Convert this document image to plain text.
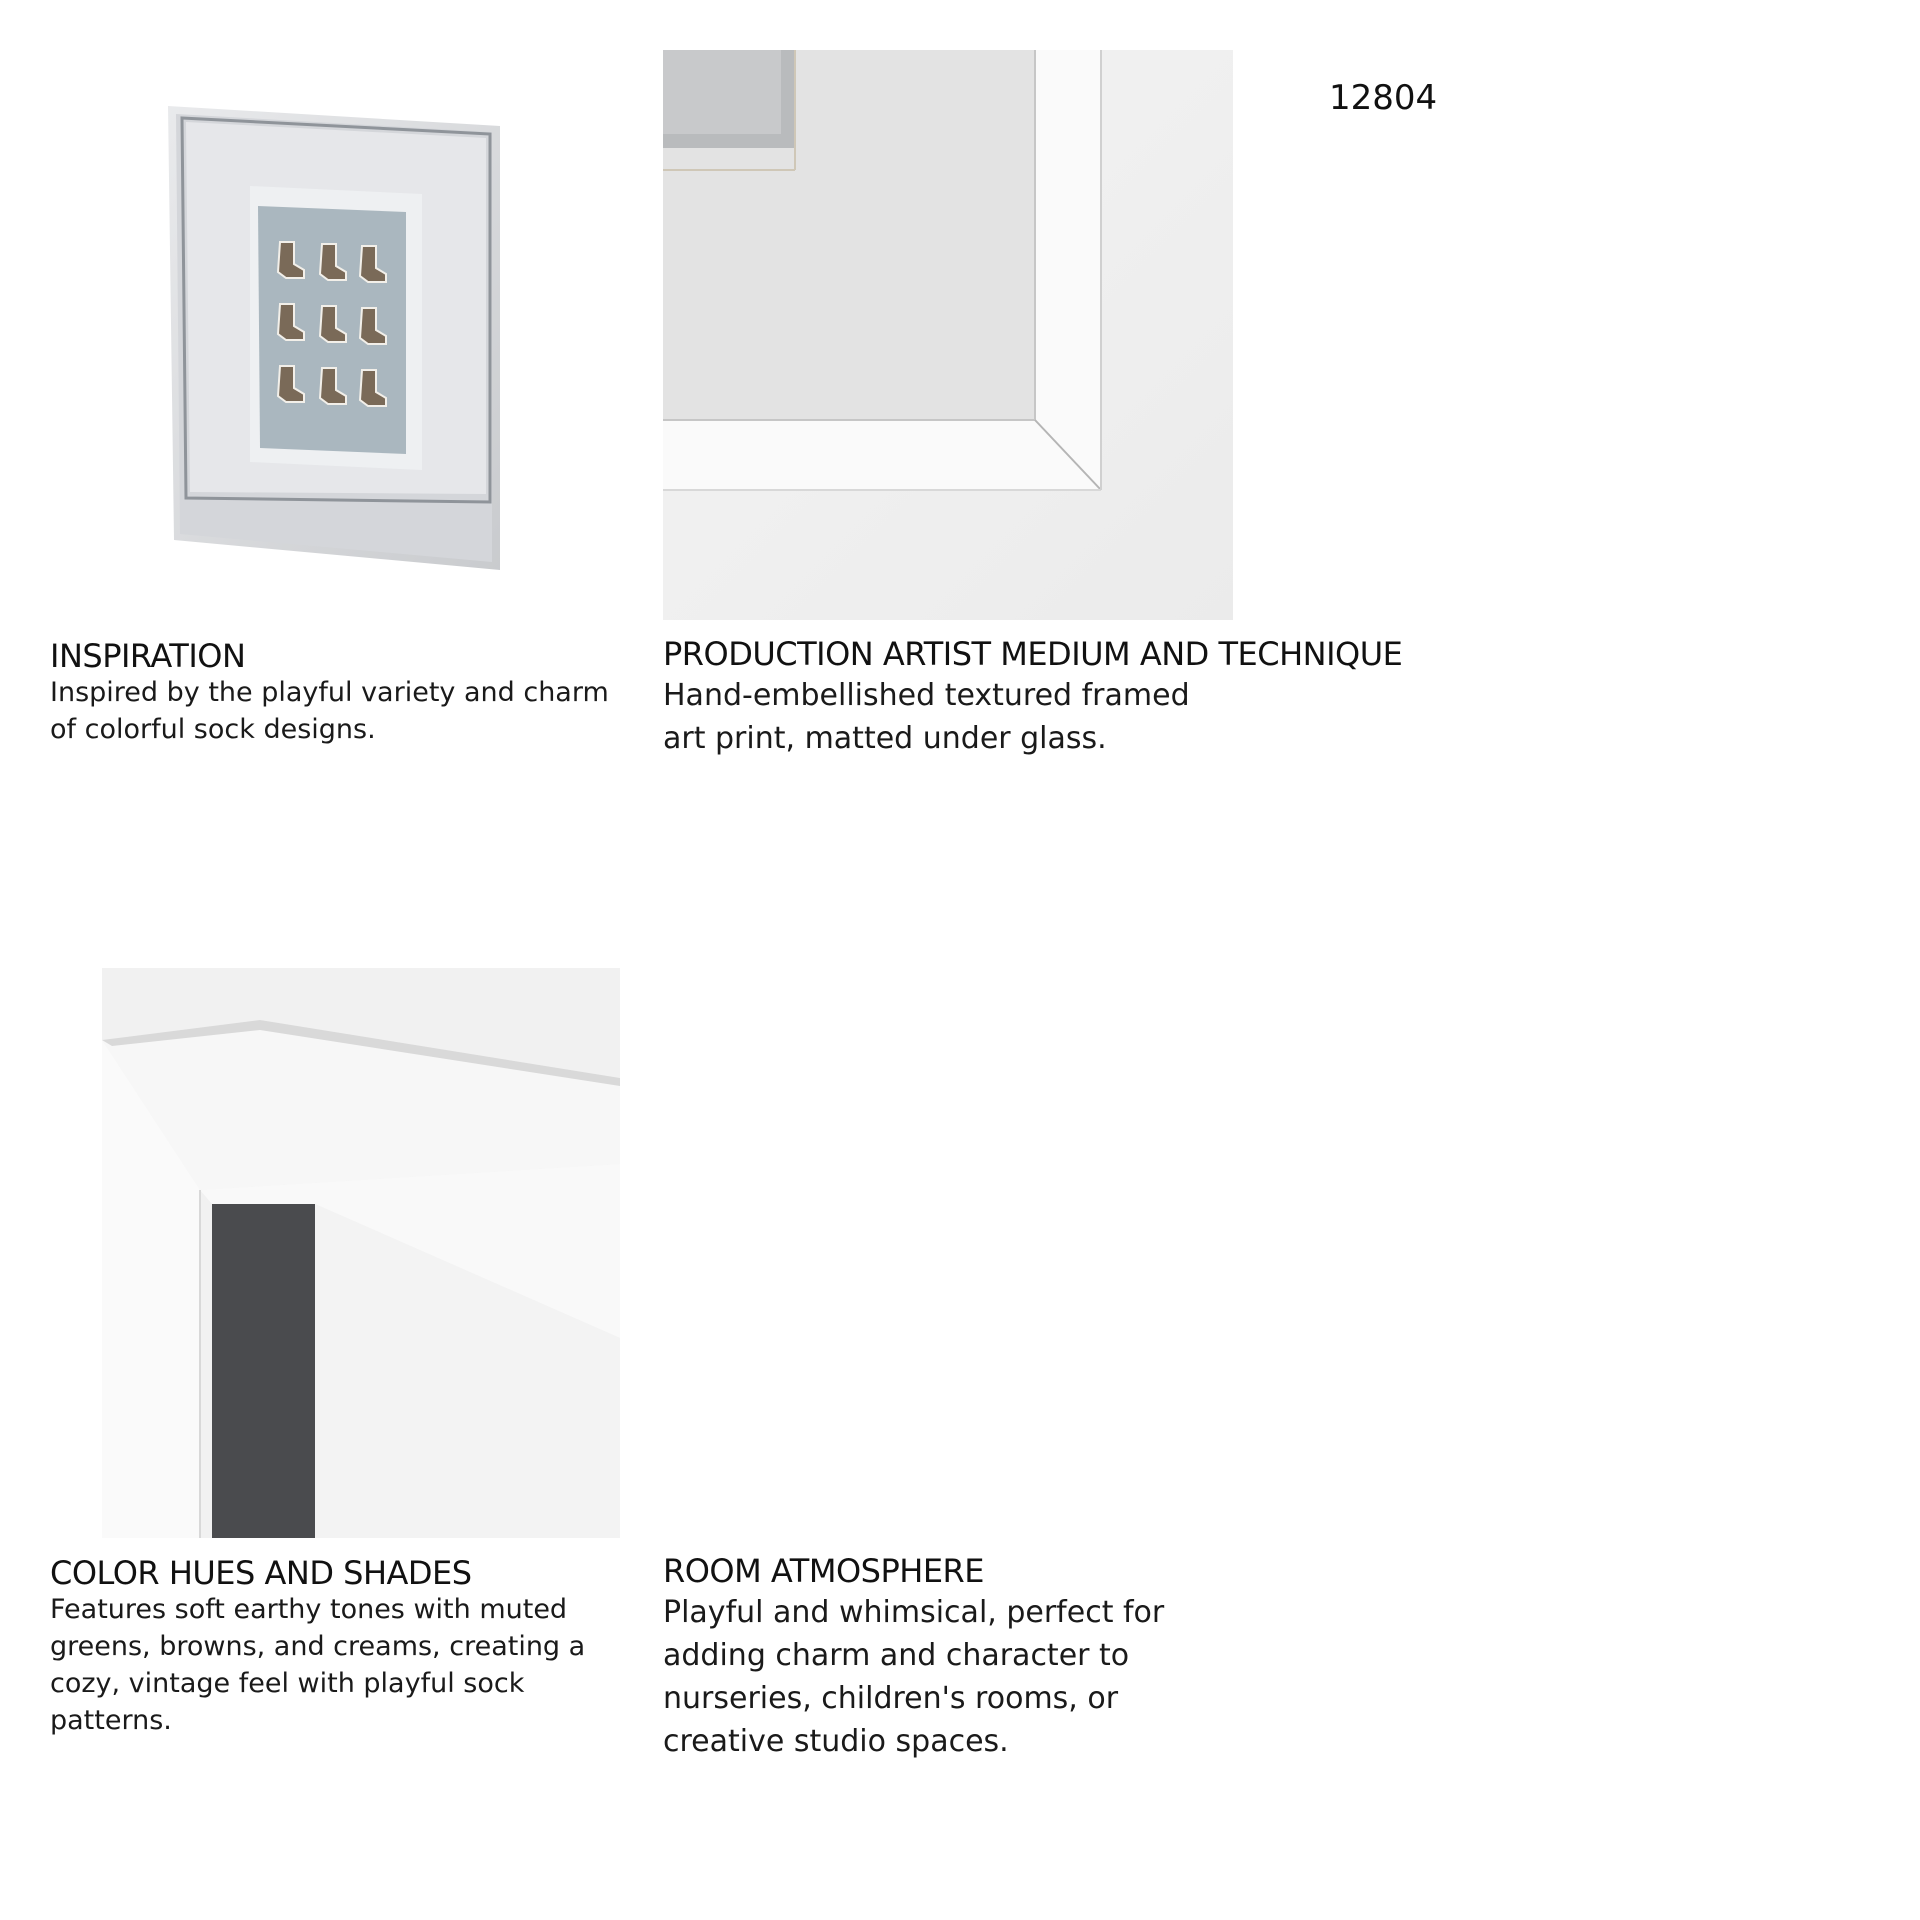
12804
INSPIRATION
Inspired by the playful variety and charm of colorful sock designs.
PRODUCTION ARTIST MEDIUM AND TECHNIQUE
Hand-embellished textured framed art print, matted under glass.
COLOR HUES AND SHADES
Features soft earthy tones with muted greens, browns, and creams, creating a cozy, vintage feel with playful sock patterns.
ROOM ATMOSPHERE
Playful and whimsical, perfect for adding charm and character to nurseries, children's rooms, or creative studio spaces.
